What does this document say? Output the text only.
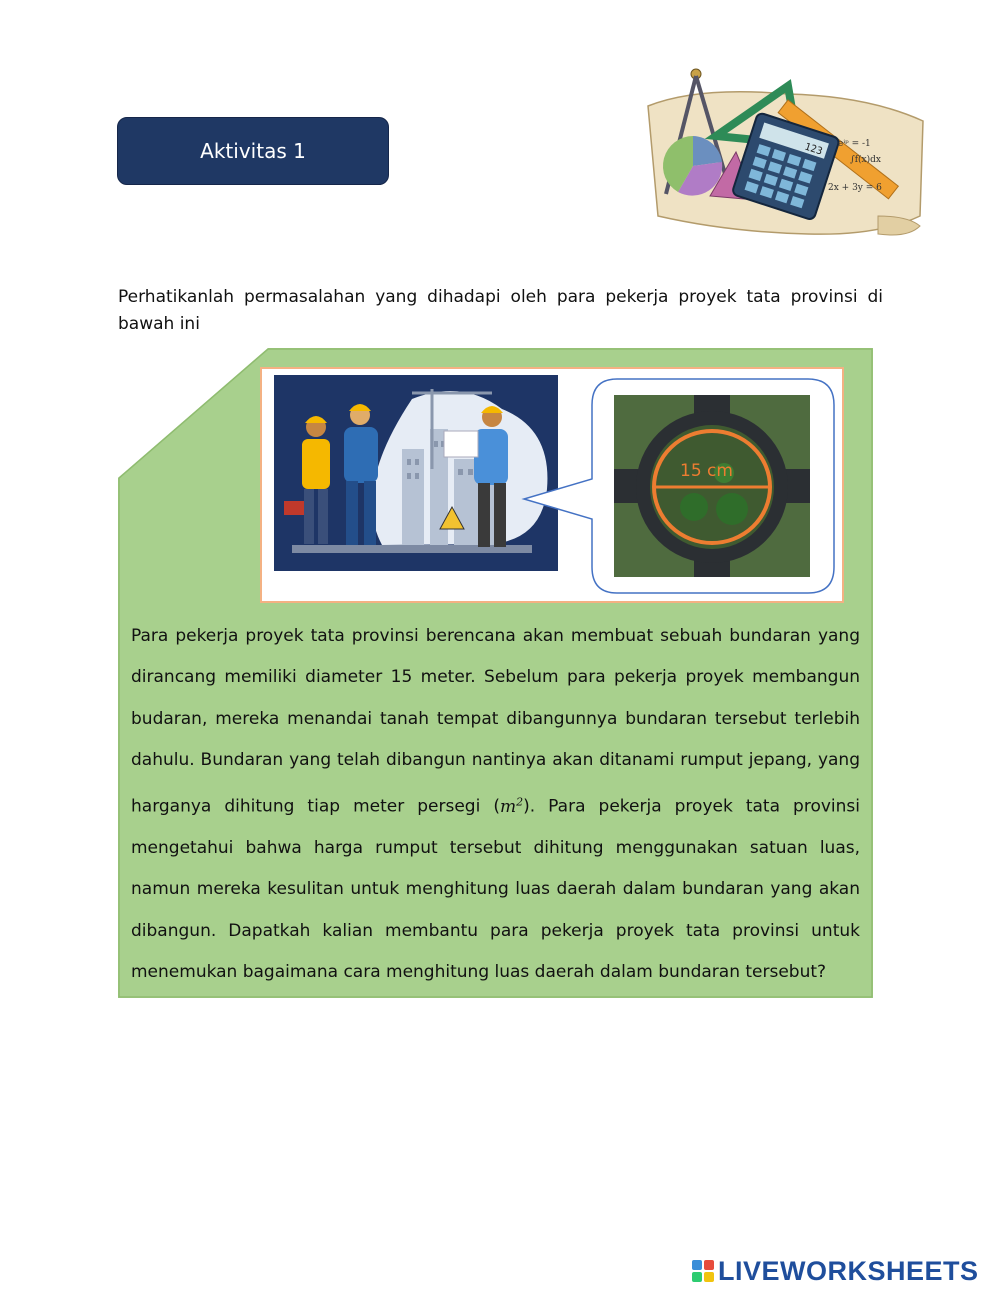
Aktivitas 1	123 eⁱᵖ = -1
∫f(x)dx
2x + 3y = 6
Perhatikanlah permasalahan yang dihadapi oleh para pekerja proyek tata provinsi di bawah ini
15 cm
Para pekerja proyek tata provinsi berencana akan membuat sebuah bundaran yang dirancang memiliki diameter 15 meter. Sebelum para pekerja proyek membangun budaran, mereka menandai tanah tempat dibangunnya bundaran tersebut terlebih dahulu. Bundaran yang telah dibangun nantinya akan ditanami rumput jepang, yang harganya dihitung tiap meter persegi $(m^2)$. Para pekerja proyek tata provinsi mengetahui bahwa harga rumput tersebut dihitung menggunakan satuan luas, namun mereka kesulitan untuk menghitung luas daerah dalam bundaran yang akan dibangun. Dapatkah kalian membantu para pekerja proyek tata provinsi untuk menemukan bagaimana cara menghitung luas daerah dalam bundaran tersebut?
LIVEWORKSHEETS
